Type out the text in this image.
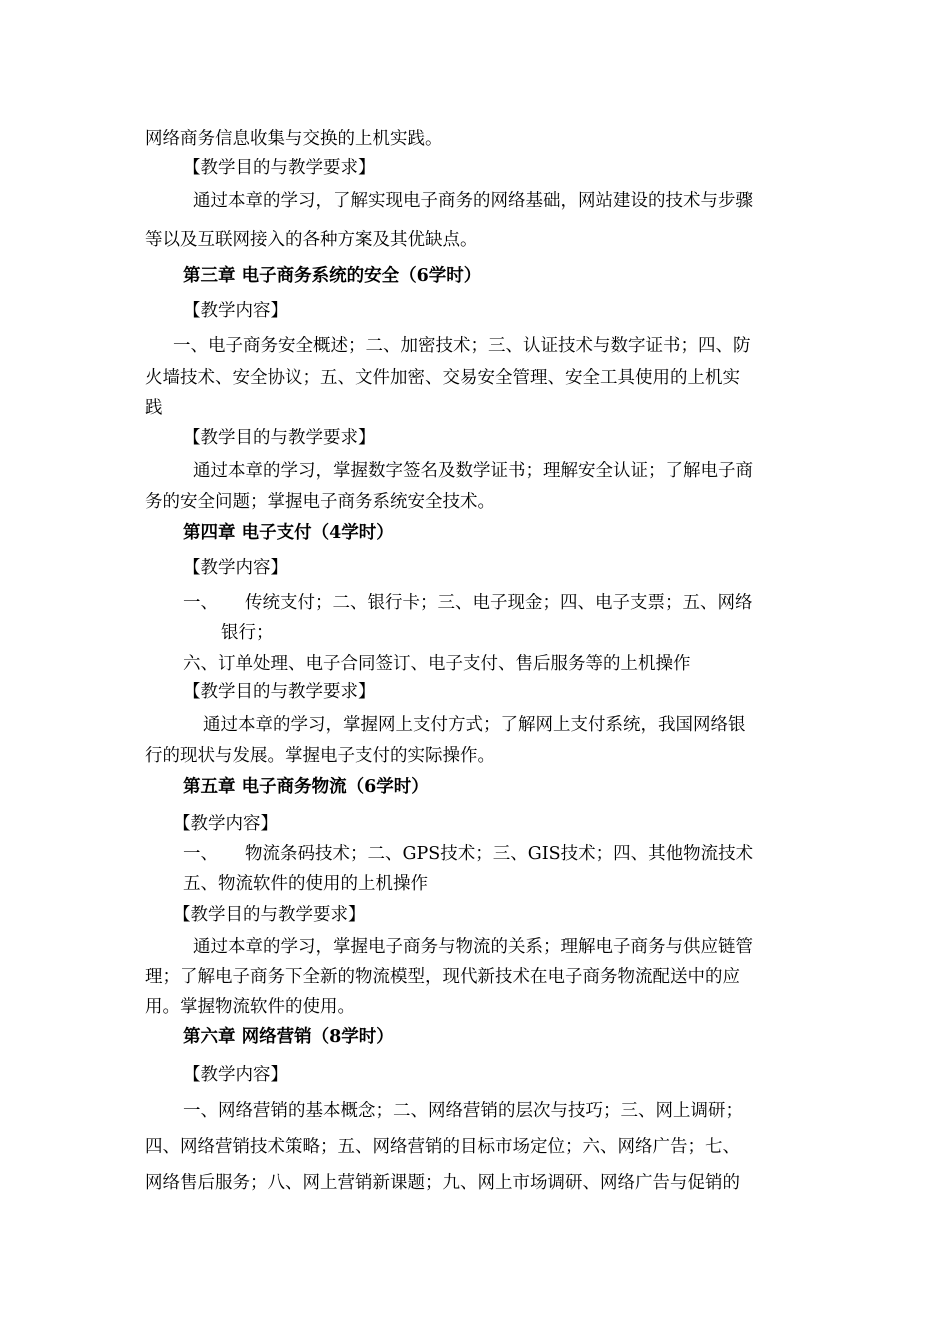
网络商务信息收集与交换的上机实践。
【教学目的与教学要求】
通过本章的学习，了解实现电子商务的网络基础，网站建设的技术与步骤
等以及互联网接入的各种方案及其优缺点。
第三章 电子商务系统的安全（6学时）
【教学内容】
一、电子商务安全概述；二、加密技术；三、认证技术与数字证书；四、防
火墙技术、安全协议；五、文件加密、交易安全管理、安全工具使用的上机实
践
【教学目的与教学要求】
通过本章的学习，掌握数字签名及数学证书；理解安全认证；了解电子商
务的安全问题；掌握电子商务系统安全技术。
第四章 电子支付（4学时）
【教学内容】
一、 传统支付；二、银行卡；三、电子现金；四、电子支票；五、网络
银行；
六、订单处理、电子合同签订、电子支付、售后服务等的上机操作
【教学目的与教学要求】
通过本章的学习，掌握网上支付方式；了解网上支付系统，我国网络银
行的现状与发展。掌握电子支付的实际操作。
第五章 电子商务物流（6学时）
【教学内容】
一、 物流条码技术；二、GPS技术；三、GIS技术；四、其他物流技术
五、物流软件的使用的上机操作
【教学目的与教学要求】
通过本章的学习，掌握电子商务与物流的关系；理解电子商务与供应链管
理；了解电子商务下全新的物流模型，现代新技术在电子商务物流配送中的应
用。掌握物流软件的使用。
第六章 网络营销（8学时）
【教学内容】
一、网络营销的基本概念；二、网络营销的层次与技巧；三、网上调研；
四、网络营销技术策略；五、网络营销的目标市场定位；六、网络广告；七、
网络售后服务；八、网上营销新课题；九、网上市场调研、网络广告与促销的
